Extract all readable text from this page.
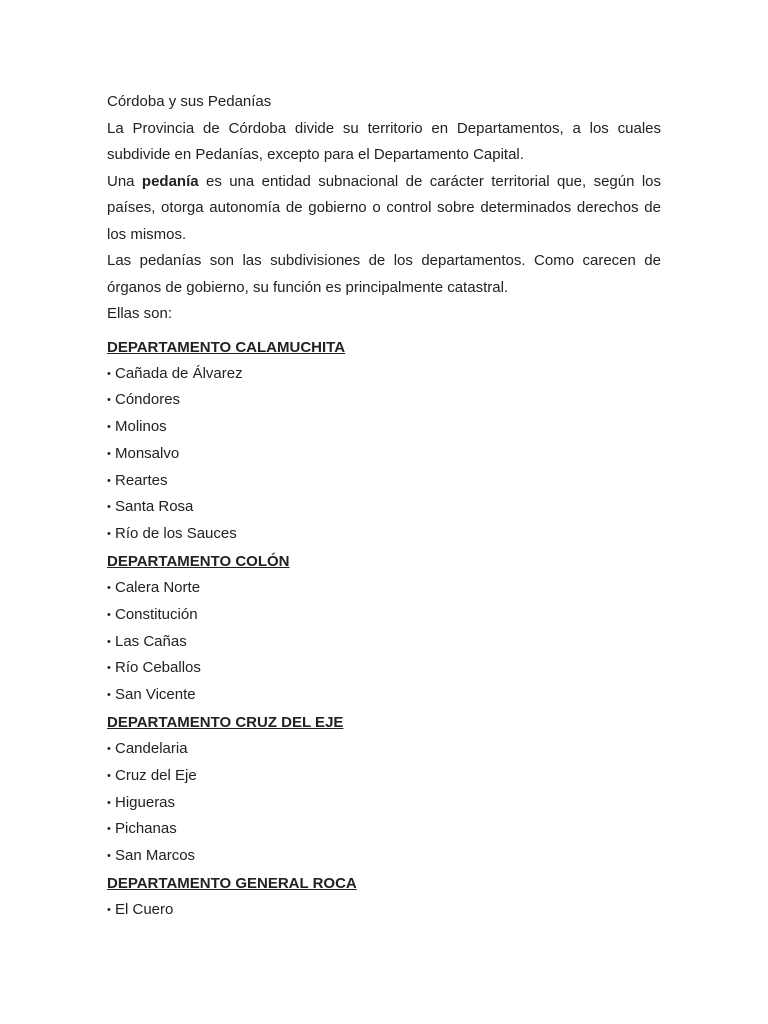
Córdoba y sus Pedanías

La Provincia de Córdoba divide su territorio en Departamentos, a los cuales subdivide en Pedanías, excepto para el Departamento Capital.

Una pedanía es una entidad subnacional de carácter territorial que, según los países, otorga autonomía de gobierno o control sobre determinados derechos de los mismos.

Las pedanías son las subdivisiones de los departamentos. Como carecen de órganos de gobierno, su función es principalmente catastral.

Ellas son:

DEPARTAMENTO CALAMUCHITA

• Cañada de Álvarez

• Cóndores

• Molinos

• Monsalvo

• Reartes

• Santa Rosa

• Río de los Sauces

DEPARTAMENTO COLÓN

• Calera Norte

• Constitución

• Las Cañas

• Río Ceballos

• San Vicente

DEPARTAMENTO CRUZ DEL EJE

• Candelaria

• Cruz del Eje

• Higueras

• Pichanas

• San Marcos

DEPARTAMENTO GENERAL ROCA

• El Cuero
